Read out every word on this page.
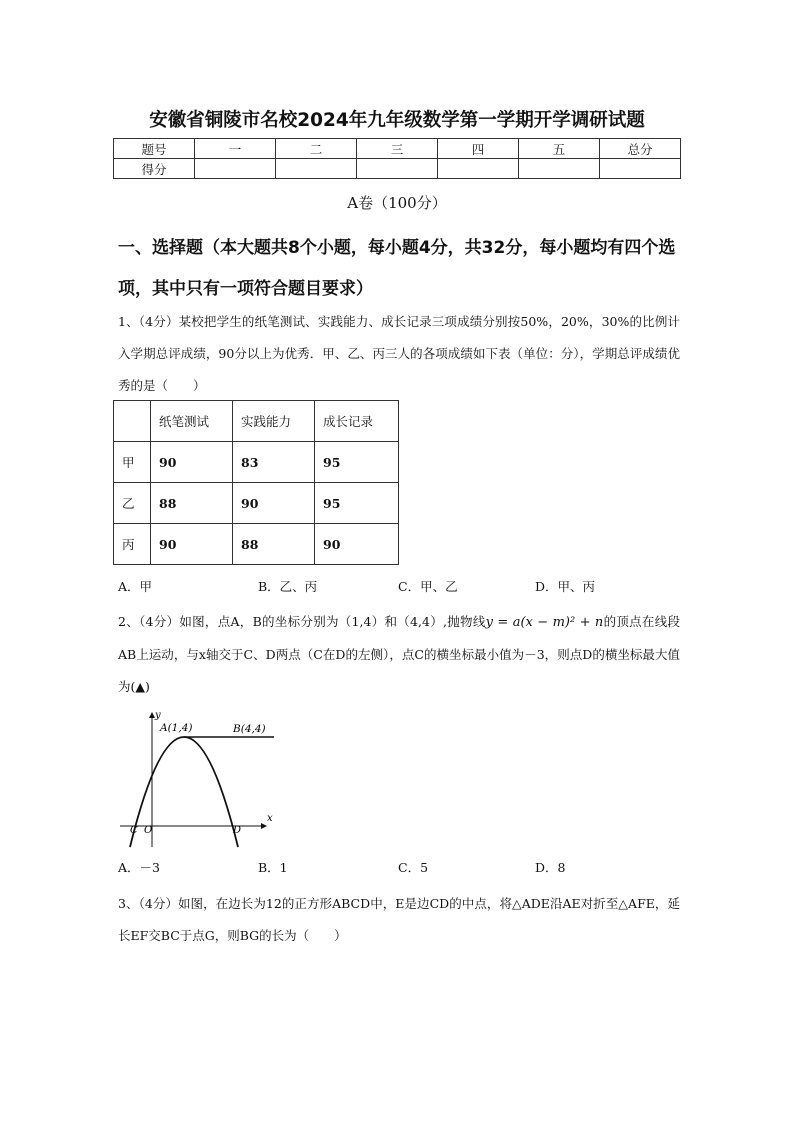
安徽省铜陵市名校2024年九年级数学第一学期开学调研试题
题号	一	二	三	四	五	总分
得分						
A卷（100分）
一、选择题（本大题共8个小题，每小题4分，共32分，每小题均有四个选项，其中只有一项符合题目要求）
1、（4分）某校把学生的纸笔测试、实践能力、成长记录三项成绩分别按50%，20%，30%的比例计入学期总评成绩，90分以上为优秀．甲、乙、丙三人的各项成绩如下表（单位：分），学期总评成绩优秀的是（　　）
	纸笔测试	实践能力	成长记录
甲	90	83	95
乙	88	90	95
丙	90	88	90
A．甲	B．乙、丙	C．甲、乙	D．甲、丙
2、（4分）如图，点A，B的坐标分别为（1,4）和（4,4）,抛物线y = a(x − m)² + n的顶点在线段AB上运动，与x轴交于C、D两点（C在D的左侧），点C的横坐标最小值为－3，则点D的横坐标最大值为(▲)
x
y
A(1,4)	B(4,4)
C O	D
A．－3	B．1	C．5	D．8
3、（4分）如图，在边长为12的正方形ABCD中，E是边CD的中点，将△ADE沿AE对折至△AFE，延长EF交BC于点G，则BG的长为（　　）
